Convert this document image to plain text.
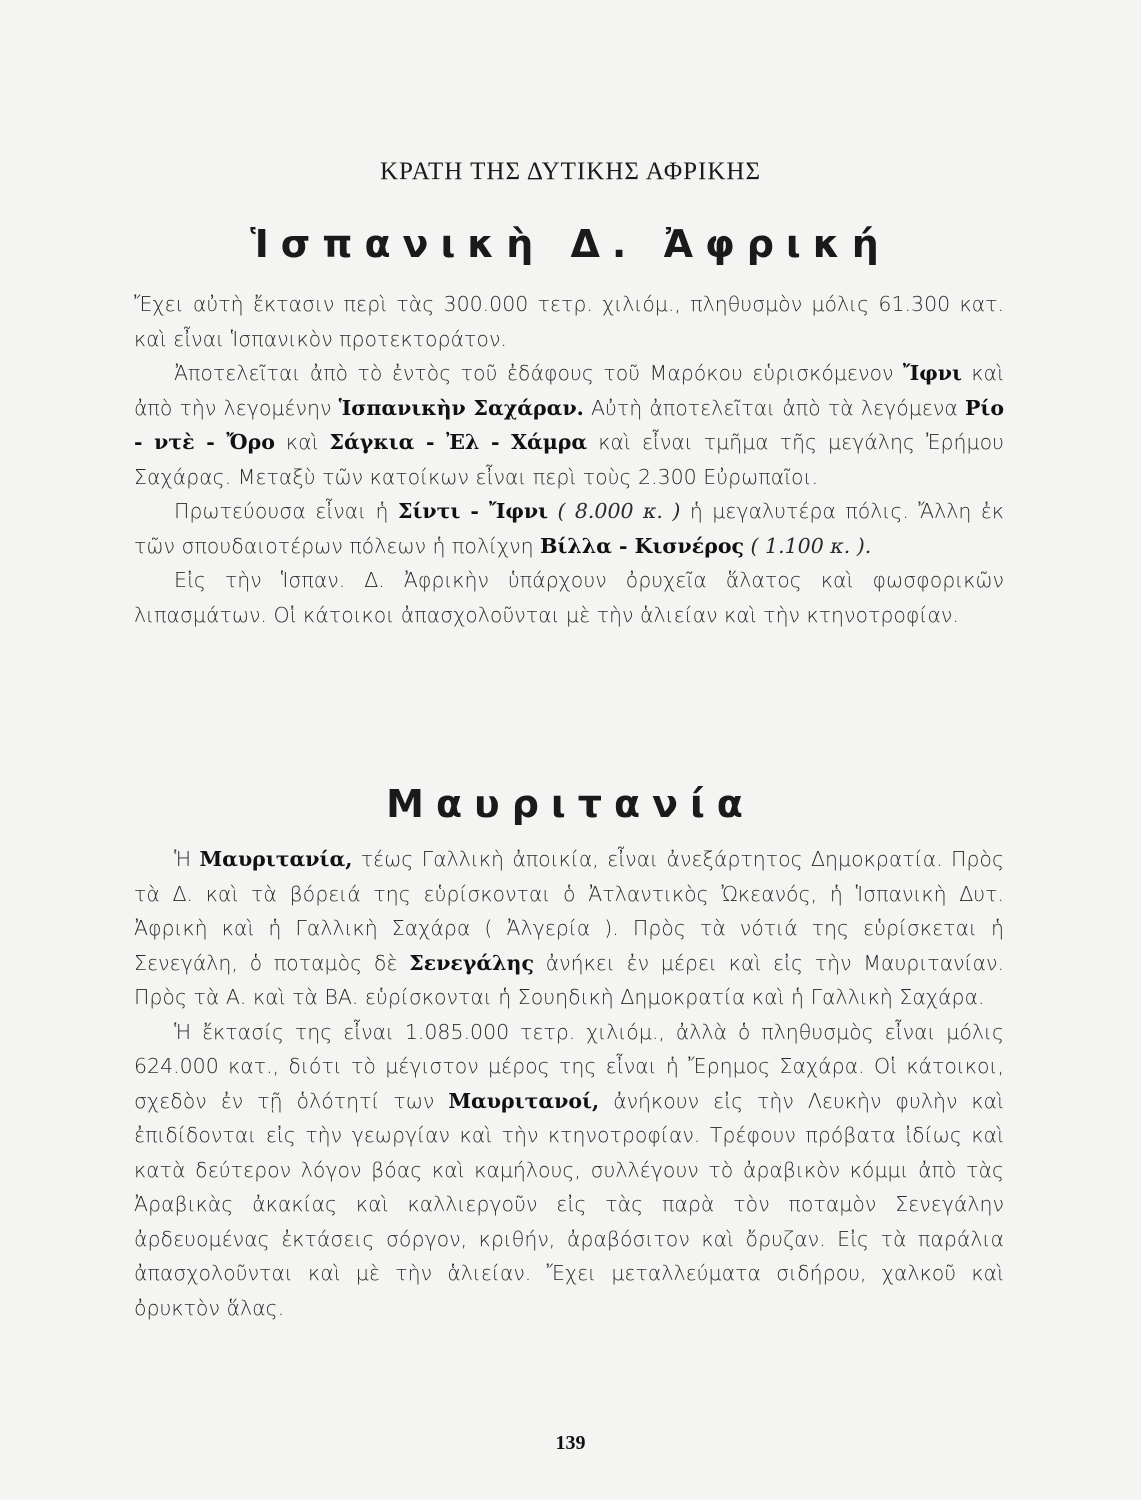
ΚΡΑΤΗ ΤΗΣ ΔΥΤΙΚΗΣ ΑΦΡΙΚΗΣ
Ἱσπανικὴ Δ. Ἀφρική

Ἔχει αὐτὴ ἔκτασιν περὶ τὰς 300.000 τετρ. χιλιόμ., πληθυσμὸν μόλις 61.300 κατ. καὶ εἶναι Ἱσπανικὸν προτεκτοράτον.

Ἀποτελεῖται ἀπὸ τὸ ἐντὸς τοῦ ἐδάφους τοῦ Μαρόκου εὑρισκόμενον Ἴφνι καὶ ἀπὸ τὴν λεγομένην Ἱσπανικὴν Σαχάραν. Αὐτὴ ἀποτελεῖται ἀπὸ τὰ λεγόμενα Ρίο - ντὲ - Ὄρο καὶ Σάγκια - Ἐλ - Χάμρα καὶ εἶναι τμῆμα τῆς μεγάλης Ἐρήμου Σαχάρας. Μεταξὺ τῶν κατοίκων εἶναι περὶ τοὺς 2.300 Εὐρωπαῖοι.

Πρωτεύουσα εἶναι ἡ Σίντι - Ἴφνι ( 8.000 κ. ) ἡ μεγαλυτέρα πόλις. Ἄλλη ἐκ τῶν σπουδαιοτέρων πόλεων ἡ πολίχνη Βίλλα - Κισνέρος ( 1.100 κ. ).

Εἰς τὴν Ἱσπαν. Δ. Ἀφρικὴν ὑπάρχουν ὀρυχεῖα ἅλατος καὶ φωσφορικῶν λιπασμάτων. Οἱ κάτοικοι ἀπασχολοῦνται μὲ τὴν ἁλιείαν καὶ τὴν κτηνοτροφίαν.

Μαυριτανία

Ἡ Μαυριτανία, τέως Γαλλικὴ ἀποικία, εἶναι ἀνεξάρτητος Δημοκρατία. Πρὸς τὰ Δ. καὶ τὰ βόρειά της εὑρίσκονται ὁ Ἀτλαντικὸς Ὠκεανός, ἡ Ἱσπανικὴ Δυτ. Ἀφρικὴ καὶ ἡ Γαλλικὴ Σαχάρα ( Ἀλγερία ). Πρὸς τὰ νότιά της εὑρίσκεται ἡ Σενεγάλη, ὁ ποταμὸς δὲ Σενεγάλης ἀνήκει ἐν μέρει καὶ εἰς τὴν Μαυριτανίαν. Πρὸς τὰ Α. καὶ τὰ ΒΑ. εὑρίσκονται ἡ Σουηδικὴ Δημοκρατία καὶ ἡ Γαλλικὴ Σαχάρα.

Ἡ ἔκτασίς της εἶναι 1.085.000 τετρ. χιλιόμ., ἀλλὰ ὁ πληθυσμὸς εἶναι μόλις 624.000 κατ., διότι τὸ μέγιστον μέρος της εἶναι ἡ Ἔρημος Σαχάρα. Οἱ κάτοικοι, σχεδὸν ἐν τῇ ὁλότητί των Μαυριτανοί, ἀνήκουν εἰς τὴν Λευκὴν φυλὴν καὶ ἐπιδίδονται εἰς τὴν γεωργίαν καὶ τὴν κτηνοτροφίαν. Τρέφουν πρόβατα ἰδίως καὶ κατὰ δεύτερον λόγον βόας καὶ καμήλους, συλλέγουν τὸ ἀραβικὸν κόμμι ἀπὸ τὰς Ἀραβικὰς ἀκακίας καὶ καλλιεργοῦν εἰς τὰς παρὰ τὸν ποταμὸν Σενεγάλην ἀρδευομένας ἐκτάσεις σόργον, κριθήν, ἀραβόσιτον καὶ ὄρυζαν. Εἰς τὰ παράλια ἀπασχολοῦνται καὶ μὲ τὴν ἁλιείαν. Ἔχει μεταλλεύματα σιδήρου, χαλκοῦ καὶ ὀρυκτὸν ἅλας.

139
